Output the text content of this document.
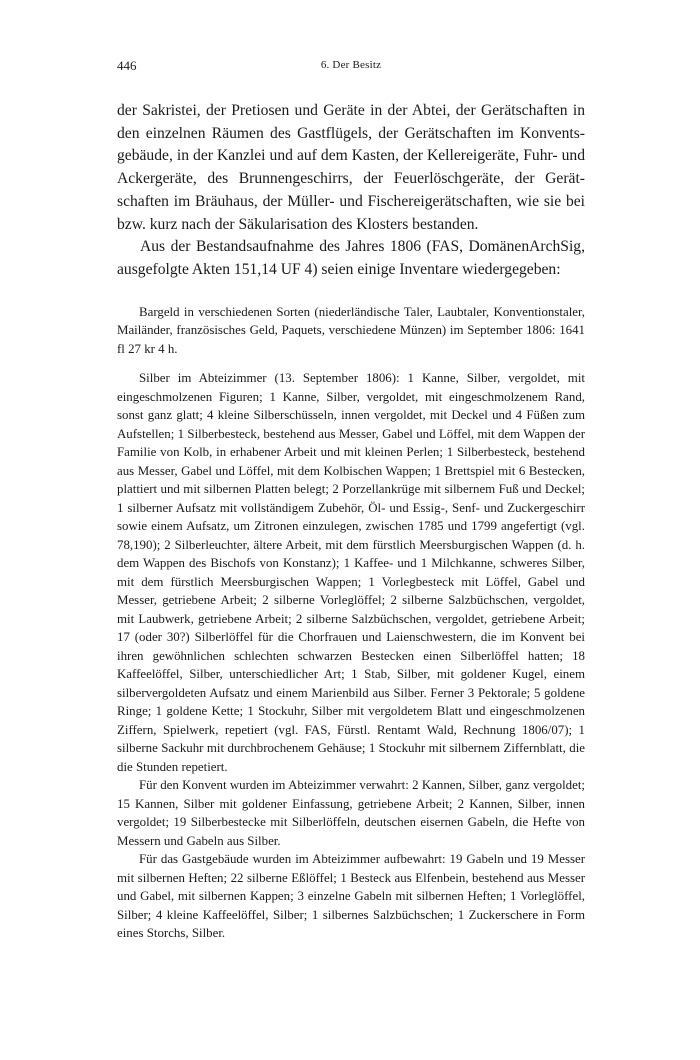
446	6. Der Besitz

der Sakristei, der Pretiosen und Geräte in der Abtei, der Gerätschaften in den einzelnen Räumen des Gastflügels, der Gerätschaften im Konventsgebäude, in der Kanzlei und auf dem Kasten, der Kellereigeräte, Fuhr- und Ackergeräte, des Brunnengeschirrs, der Feuerlöschgeräte, der Gerätschaften im Bräuhaus, der Müller- und Fischereigerätschaften, wie sie bei bzw. kurz nach der Säkularisation des Klosters bestanden.

Aus der Bestandsaufnahme des Jahres 1806 (FAS, DomänenArchSig, ausgefolgte Akten 151,14 UF 4) seien einige Inventare wiedergegeben:

Bargeld in verschiedenen Sorten (niederländische Taler, Laubtaler, Konventionstaler, Mailänder, französisches Geld, Paquets, verschiedene Münzen) im September 1806: 1641 fl 27 kr 4 h.

Silber im Abteizimmer (13. September 1806): 1 Kanne, Silber, vergoldet, mit eingeschmolzenen Figuren; 1 Kanne, Silber, vergoldet, mit eingeschmolzenem Rand, sonst ganz glatt; 4 kleine Silberschüsseln, innen vergoldet, mit Deckel und 4 Füßen zum Aufstellen; 1 Silberbesteck, bestehend aus Messer, Gabel und Löffel, mit dem Wappen der Familie von Kolb, in erhabener Arbeit und mit kleinen Perlen; 1 Silberbesteck, bestehend aus Messer, Gabel und Löffel, mit dem Kolbischen Wappen; 1 Brettspiel mit 6 Bestecken, plattiert und mit silbernen Platten belegt; 2 Porzellankrüge mit silbernem Fuß und Deckel; 1 silberner Aufsatz mit vollständigem Zubehör, Öl- und Essig-, Senf- und Zuckergeschirr sowie einem Aufsatz, um Zitronen einzulegen, zwischen 1785 und 1799 angefertigt (vgl. 78,190); 2 Silberleuchter, ältere Arbeit, mit dem fürstlich Meersburgischen Wappen (d. h. dem Wappen des Bischofs von Konstanz); 1 Kaffee- und 1 Milchkanne, schweres Silber, mit dem fürstlich Meersburgischen Wappen; 1 Vorlegbesteck mit Löffel, Gabel und Messer, getriebene Arbeit; 2 silberne Vorleglöffel; 2 silberne Salzbüchschen, vergoldet, mit Laubwerk, getriebene Arbeit; 2 silberne Salzbüchschen, vergoldet, getriebene Arbeit; 17 (oder 30?) Silberlöffel für die Chorfrauen und Laienschwestern, die im Konvent bei ihren gewöhnlichen schlechten schwarzen Bestecken einen Silberlöffel hatten; 18 Kaffeelöffel, Silber, unterschiedlicher Art; 1 Stab, Silber, mit goldener Kugel, einem silbervergoldeten Aufsatz und einem Marienbild aus Silber. Ferner 3 Pektorale; 5 goldene Ringe; 1 goldene Kette; 1 Stockuhr, Silber mit vergoldetem Blatt und eingeschmolzenen Ziffern, Spielwerk, repetiert (vgl. FAS, Fürstl. Rentamt Wald, Rechnung 1806/07); 1 silberne Sackuhr mit durchbrochenem Gehäuse; 1 Stockuhr mit silbernem Ziffernblatt, die die Stunden repetiert.

Für den Konvent wurden im Abteizimmer verwahrt: 2 Kannen, Silber, ganz vergoldet; 15 Kannen, Silber mit goldener Einfassung, getriebene Arbeit; 2 Kannen, Silber, innen vergoldet; 19 Silberbestecke mit Silberlöffeln, deutschen eisernen Gabeln, die Hefte von Messern und Gabeln aus Silber.

Für das Gastgebäude wurden im Abteizimmer aufbewahrt: 19 Gabeln und 19 Messer mit silbernen Heften; 22 silberne Eßlöffel; 1 Besteck aus Elfenbein, bestehend aus Messer und Gabel, mit silbernen Kappen; 3 einzelne Gabeln mit silbernen Heften; 1 Vorleglöffel, Silber; 4 kleine Kaffeelöffel, Silber; 1 silbernes Salzbüchschen; 1 Zuckerschere in Form eines Storchs, Silber.
